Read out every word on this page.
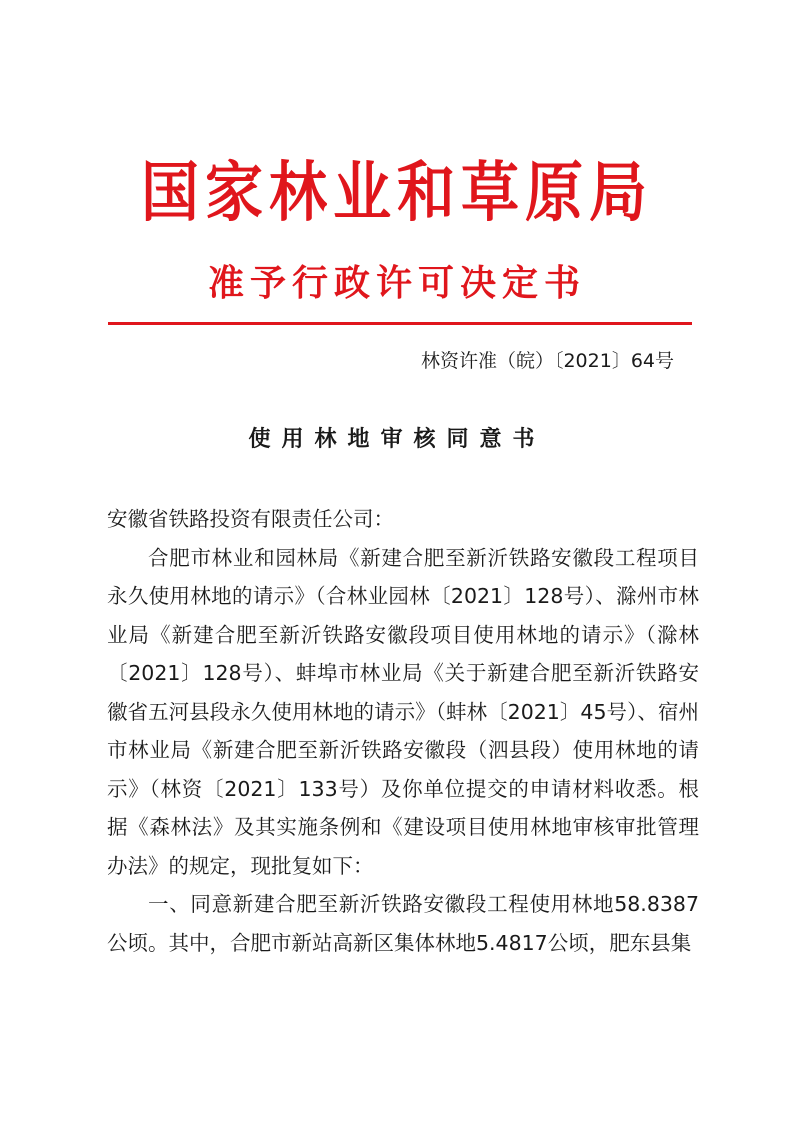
国家林业和草原局
准予行政许可决定书
林资许准（皖）〔2021〕64号
使用林地审核同意书

安徽省铁路投资有限责任公司：

合肥市林业和园林局《新建合肥至新沂铁路安徽段工程项目永久使用林地的请示》（合林业园林〔2021〕128号）、滁州市林业局《新建合肥至新沂铁路安徽段项目使用林地的请示》（滁林〔2021〕128号）、蚌埠市林业局《关于新建合肥至新沂铁路安徽省五河县段永久使用林地的请示》（蚌林〔2021〕45号）、宿州市林业局《新建合肥至新沂铁路安徽段（泗县段）使用林地的请示》（林资〔2021〕133号）及你单位提交的申请材料收悉。根据《森林法》及其实施条例和《建设项目使用林地审核审批管理办法》的规定，现批复如下：

一、同意新建合肥至新沂铁路安徽段工程使用林地58.8387公顷。其中，合肥市新站高新区集体林地5.4817公顷，肥东县集
